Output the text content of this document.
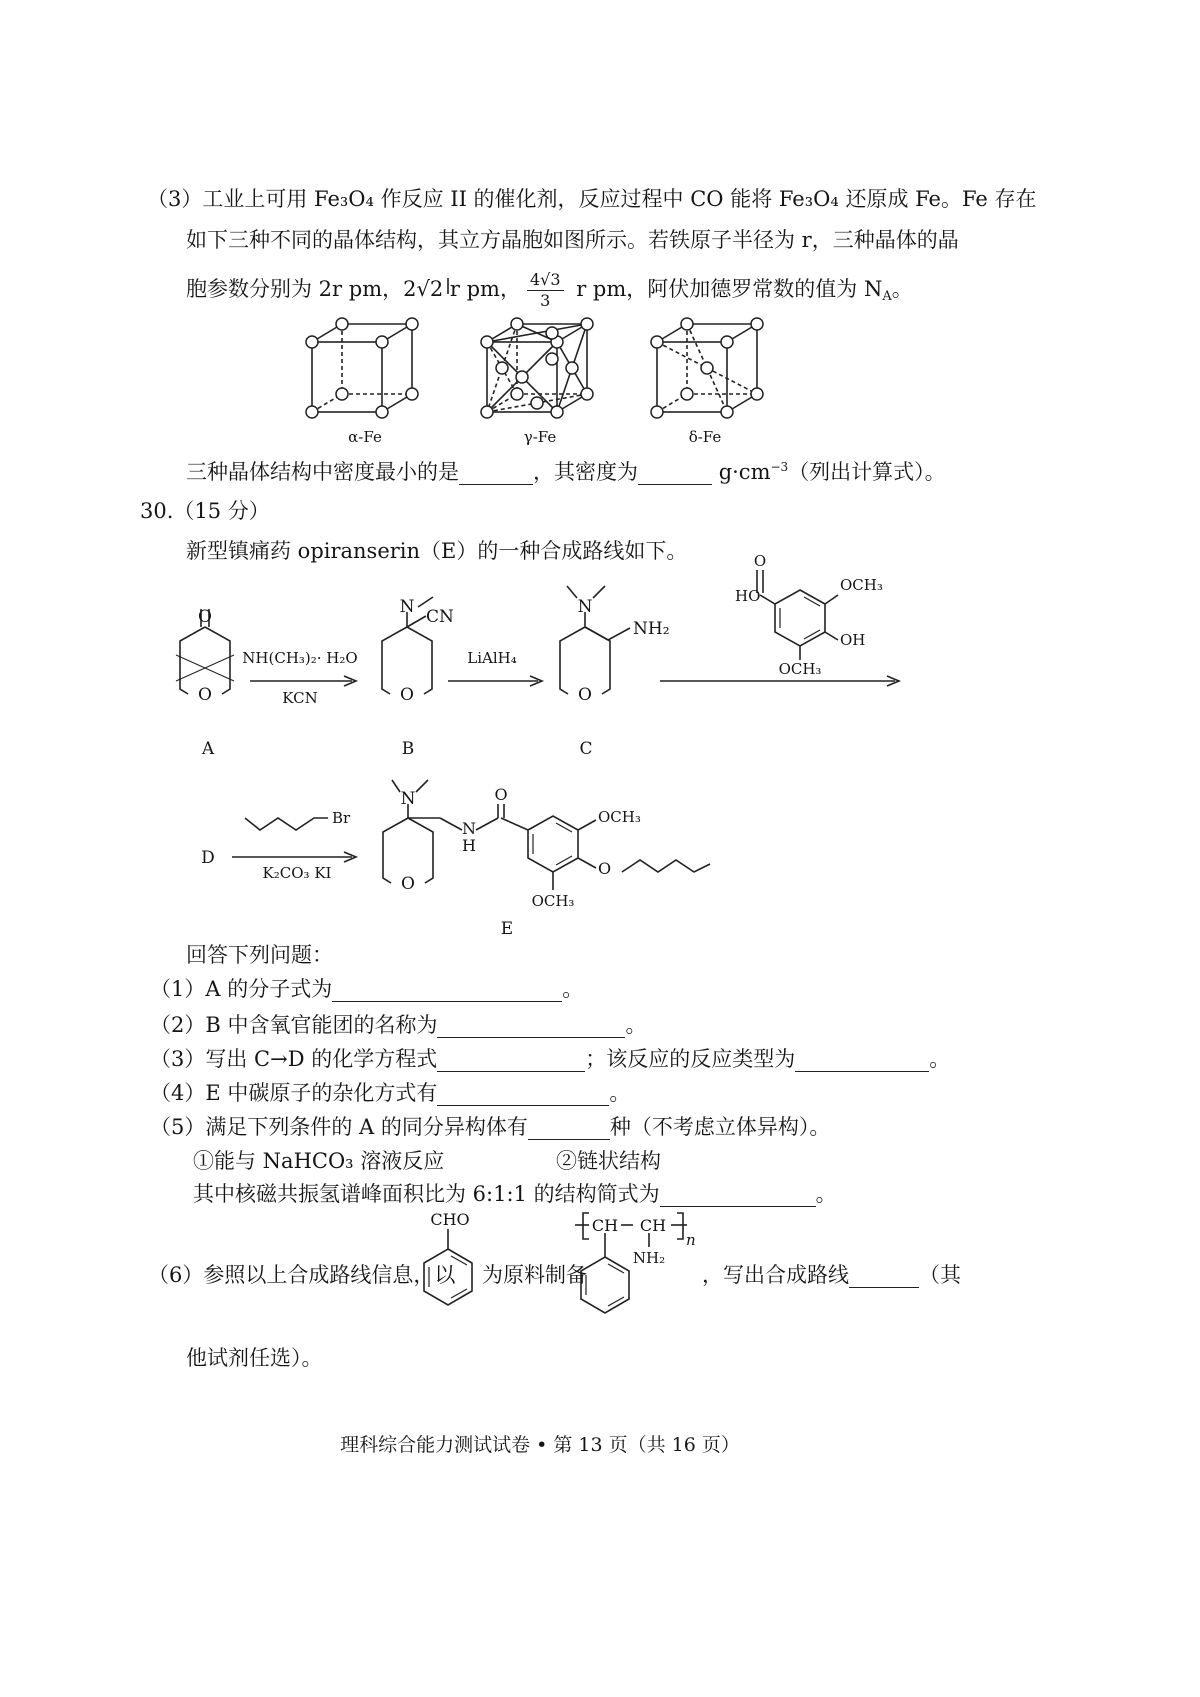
（3）工业上可用 Fe₃O₄ 作反应 II 的催化剂，反应过程中 CO 能将 Fe₃O₄ 还原成 Fe。Fe 存在

如下三种不同的晶体结构，其立方晶胞如图所示。若铁原子半径为 r，三种晶体的晶

胞参数分别为 2r pm，2√2 r pm， $\frac{4√3}{3}$ r pm，阿伏加德罗常数的值为 $N_A$。
α-Fe	γ-Fe	δ-Fe
三种晶体结构中密度最小的是	，其密度为	$g\cdot cm^{-3}$（列出计算式）。

30.（15 分）

新型镇痛药 opiranserin（E）的一种合成路线如下。

O
O	O	O
O
N	N
N
CN
NH₂
NH(CH₃)₂· H₂O
KCN
LiAlH₄
HO
O
OCH₃
OH
OCH₃
D
Br
K₂CO₃ KI
N
H
O
OCH₃
O
OCH₃
A	B	C
E

回答下列问题：

（1）A 的分子式为	。
（2）B 中含氧官能团的名称为	。
（3）写出 C→D 的化学方程式	；该反应的反应类型为	。
（4）E 中碳原子的杂化方式有	。
（5）满足下列条件的 A 的同分异构体有	种（不考虑立体异构）。

①能与 NaHCO₃ 溶液反应	②链状结构

其中核磁共振氢谱峰面积比为 6:1:1 的结构简式为	。

（6）参照以上合成路线信息，以 为原料制备	，写出合成路线	（其

他试剂任选）。

CHO	CH CH
n
NH₂

理科综合能力测试试卷 • 第 13 页（共 16 页）
